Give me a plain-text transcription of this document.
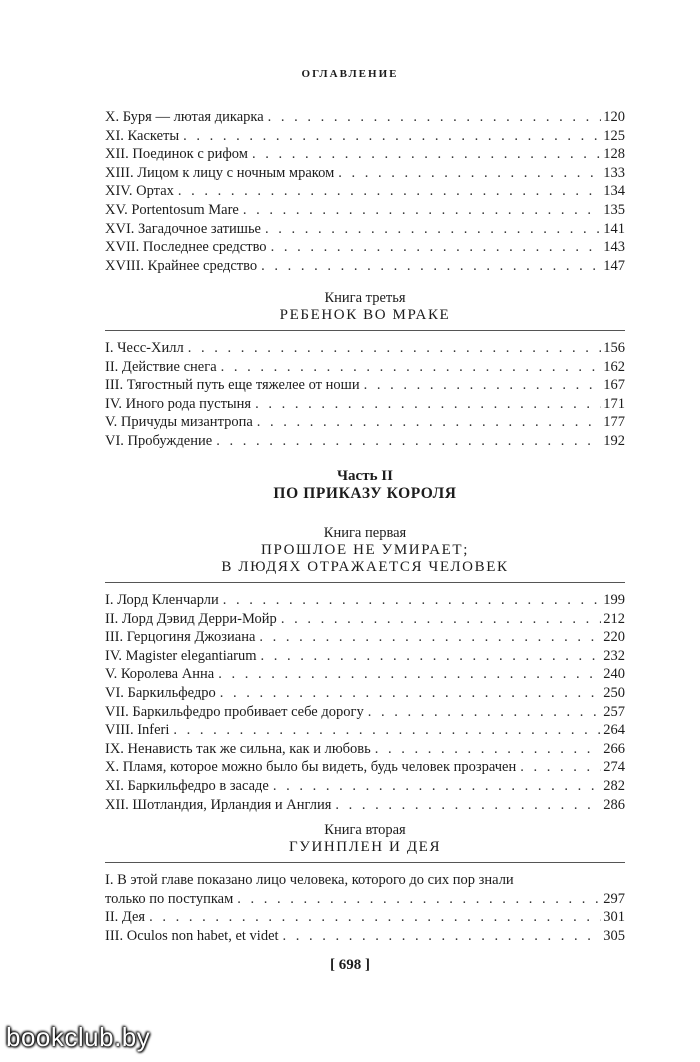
ОГЛАВЛЕНИЕ
X. Буря — лютая дикарка . . .	120
XI. Каскеты . . .	125
XII. Поединок с рифом . . .	128
XIII. Лицом к лицу с ночным мраком . . .	133
XIV. Ортах . . .	134
XV. Portentosum Mare . . .	135
XVI. Загадочное затишье . . .	141
XVII. Последнее средство . . .	143
XVIII. Крайнее средство . . .	147
Книга третья
РЕБЕНОК ВО МРАКЕ
I. Чесс-Хилл . . .	156
II. Действие снега . . .	162
III. Тягостный путь еще тяжелее от ноши . . .	167
IV. Иного рода пустыня . . .	171
V. Причуды мизантропа . . .	177
VI. Пробуждение . . .	192
Часть II
ПО ПРИКАЗУ КОРОЛЯ
Книга первая
ПРОШЛОЕ НЕ УМИРАЕТ;
В ЛЮДЯХ ОТРАЖАЕТСЯ ЧЕЛОВЕК
I. Лорд Кленчарли . . .	199
II. Лорд Дэвид Дерри-Мойр . . .	212
III. Герцогиня Джозиана . . .	220
IV. Magister elegantiarum . . .	232
V. Королева Анна . . .	240
VI. Баркильфедро . . .	250
VII. Баркильфедро пробивает себе дорогу . . .	257
VIII. Inferi . . .	264
IX. Ненависть так же сильна, как и любовь . . .	266
X. Пламя, которое можно было бы видеть, будь человек прозрачен . . .	274
XI. Баркильфедро в засаде . . .	282
XII. Шотландия, Ирландия и Англия . . .	286
Книга вторая
ГУИНПЛЕН И ДЕЯ
I. В этой главе показано лицо человека, которого до сих пор знали
только по поступкам . . .	297
II. Дея . . .	301
III. Oculos non habet, et videt . . .	305
[ 698 ]
bookclub.by
